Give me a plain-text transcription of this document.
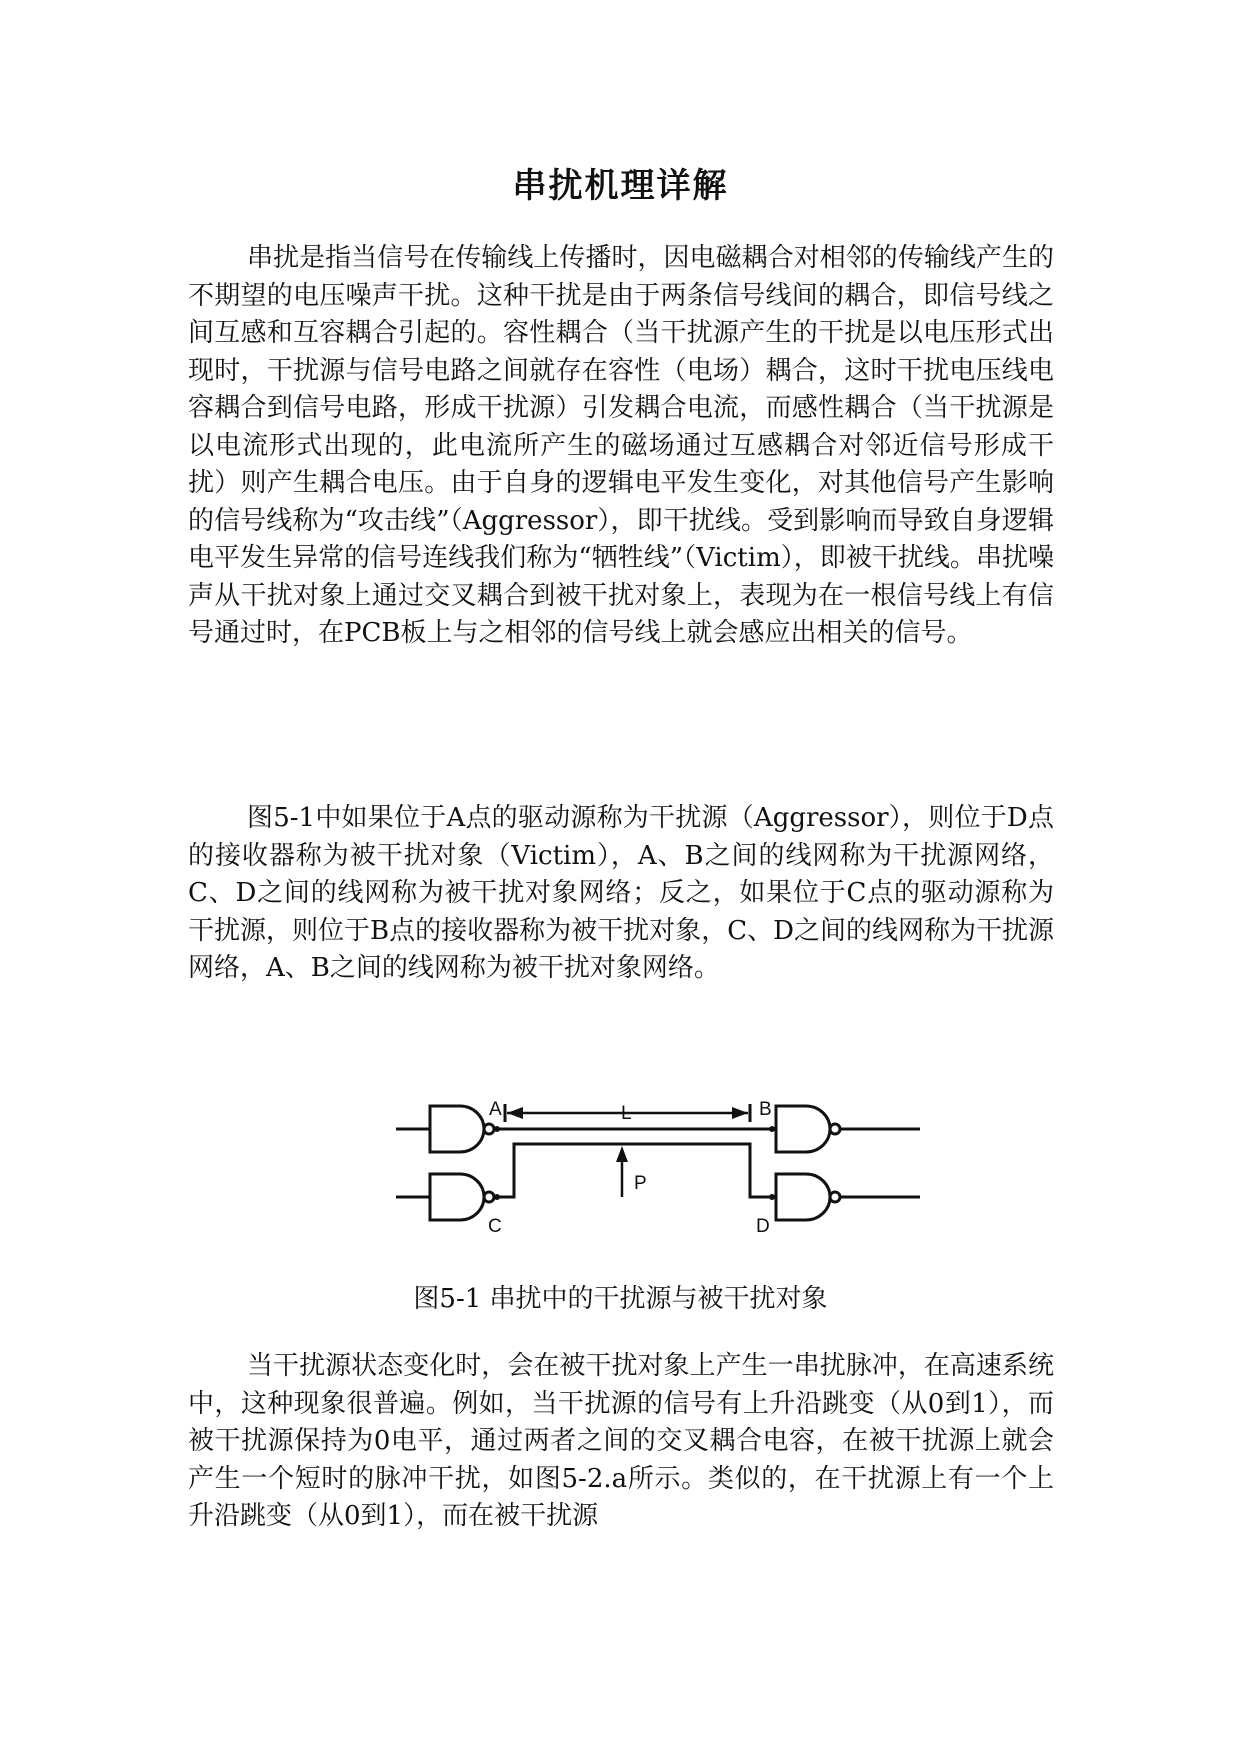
串扰机理详解

串扰是指当信号在传输线上传播时，因电磁耦合对相邻的传输线产生的不期望的电压噪声干扰。这种干扰是由于两条信号线间的耦合，即信号线之间互感和互容耦合引起的。容性耦合（当干扰源产生的干扰是以电压形式出现时，干扰源与信号电路之间就存在容性（电场）耦合，这时干扰电压线电容耦合到信号电路，形成干扰源）引发耦合电流，而感性耦合（当干扰源是以电流形式出现的，此电流所产生的磁场通过互感耦合对邻近信号形成干扰）则产生耦合电压。由于自身的逻辑电平发生变化，对其他信号产生影响的信号线称为“攻击线”（Aggressor），即干扰线。受到影响而导致自身逻辑电平发生异常的信号连线我们称为“牺牲线”（Victim），即被干扰线。串扰噪声从干扰对象上通过交叉耦合到被干扰对象上，表现为在一根信号线上有信号通过时，在PCB板上与之相邻的信号线上就会感应出相关的信号。

图5-1中如果位于A点的驱动源称为干扰源（Aggressor），则位于D点的接收器称为被干扰对象（Victim），A、B之间的线网称为干扰源网络，C、D之间的线网称为被干扰对象网络；反之，如果位于C点的驱动源称为干扰源，则位于B点的接收器称为被干扰对象，C、D之间的线网称为干扰源网络，A、B之间的线网称为被干扰对象网络。

A	L	B
P
C	D

图5-1 串扰中的干扰源与被干扰对象

当干扰源状态变化时，会在被干扰对象上产生一串扰脉冲，在高速系统中，这种现象很普遍。例如，当干扰源的信号有上升沿跳变（从0到1），而被干扰源保持为0电平，通过两者之间的交叉耦合电容，在被干扰源上就会产生一个短时的脉冲干扰，如图5-2.a所示。类似的，在干扰源上有一个上升沿跳变（从0到1），而在被干扰源
